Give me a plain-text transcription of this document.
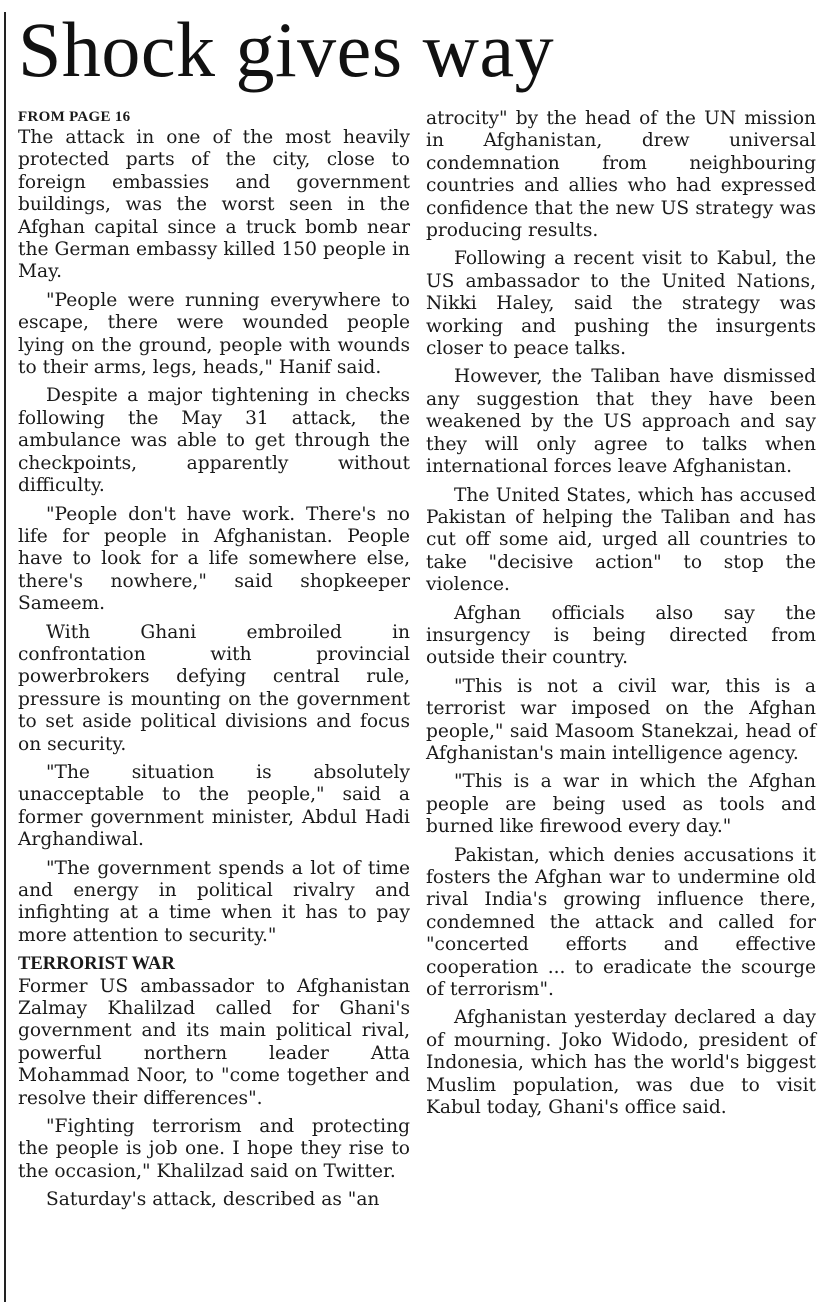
Shock gives way
FROM PAGE 16

The attack in one of the most heavily protected parts of the city, close to foreign embassies and government buildings, was the worst seen in the Afghan capital since a truck bomb near the German embassy killed 150 people in May.

"People were running everywhere to escape, there were wounded people lying on the ground, people with wounds to their arms, legs, heads," Hanif said.

Despite a major tightening in checks following the May 31 attack, the ambulance was able to get through the checkpoints, apparently without difficulty.

"People don't have work. There's no life for people in Afghanistan. People have to look for a life somewhere else, there's nowhere," said shopkeeper Sameem.

With Ghani embroiled in confrontation with provincial powerbrokers defying central rule, pressure is mounting on the government to set aside political divisions and focus on security.

"The situation is absolutely unacceptable to the people," said a former government minister, Abdul Hadi Arghandiwal.

"The government spends a lot of time and energy in political rivalry and infighting at a time when it has to pay more attention to security."

TERRORIST WAR

Former US ambassador to Afghanistan Zalmay Khalilzad called for Ghani's government and its main political rival, powerful northern leader Atta Mohammad Noor, to "come together and resolve their differences".

"Fighting terrorism and protecting the people is job one. I hope they rise to the occasion," Khalilzad said on Twitter.

Saturday's attack, described as "an

atrocity" by the head of the UN mission in Afghanistan, drew universal condemnation from neighbouring countries and allies who had expressed confidence that the new US strategy was producing results.

Following a recent visit to Kabul, the US ambassador to the United Nations, Nikki Haley, said the strategy was working and pushing the insurgents closer to peace talks.

However, the Taliban have dismissed any suggestion that they have been weakened by the US approach and say they will only agree to talks when international forces leave Afghanistan.

The United States, which has accused Pakistan of helping the Taliban and has cut off some aid, urged all countries to take "decisive action" to stop the violence.

Afghan officials also say the insurgency is being directed from outside their country.

"This is not a civil war, this is a terrorist war imposed on the Afghan people," said Masoom Stanekzai, head of Afghanistan's main intelligence agency.

"This is a war in which the Afghan people are being used as tools and burned like firewood every day."

Pakistan, which denies accusations it fosters the Afghan war to undermine old rival India's growing influence there, condemned the attack and called for "concerted efforts and effective cooperation ... to eradicate the scourge of terrorism".

Afghanistan yesterday declared a day of mourning. Joko Widodo, president of Indonesia, which has the world's biggest Muslim population, was due to visit Kabul today, Ghani's office said.
